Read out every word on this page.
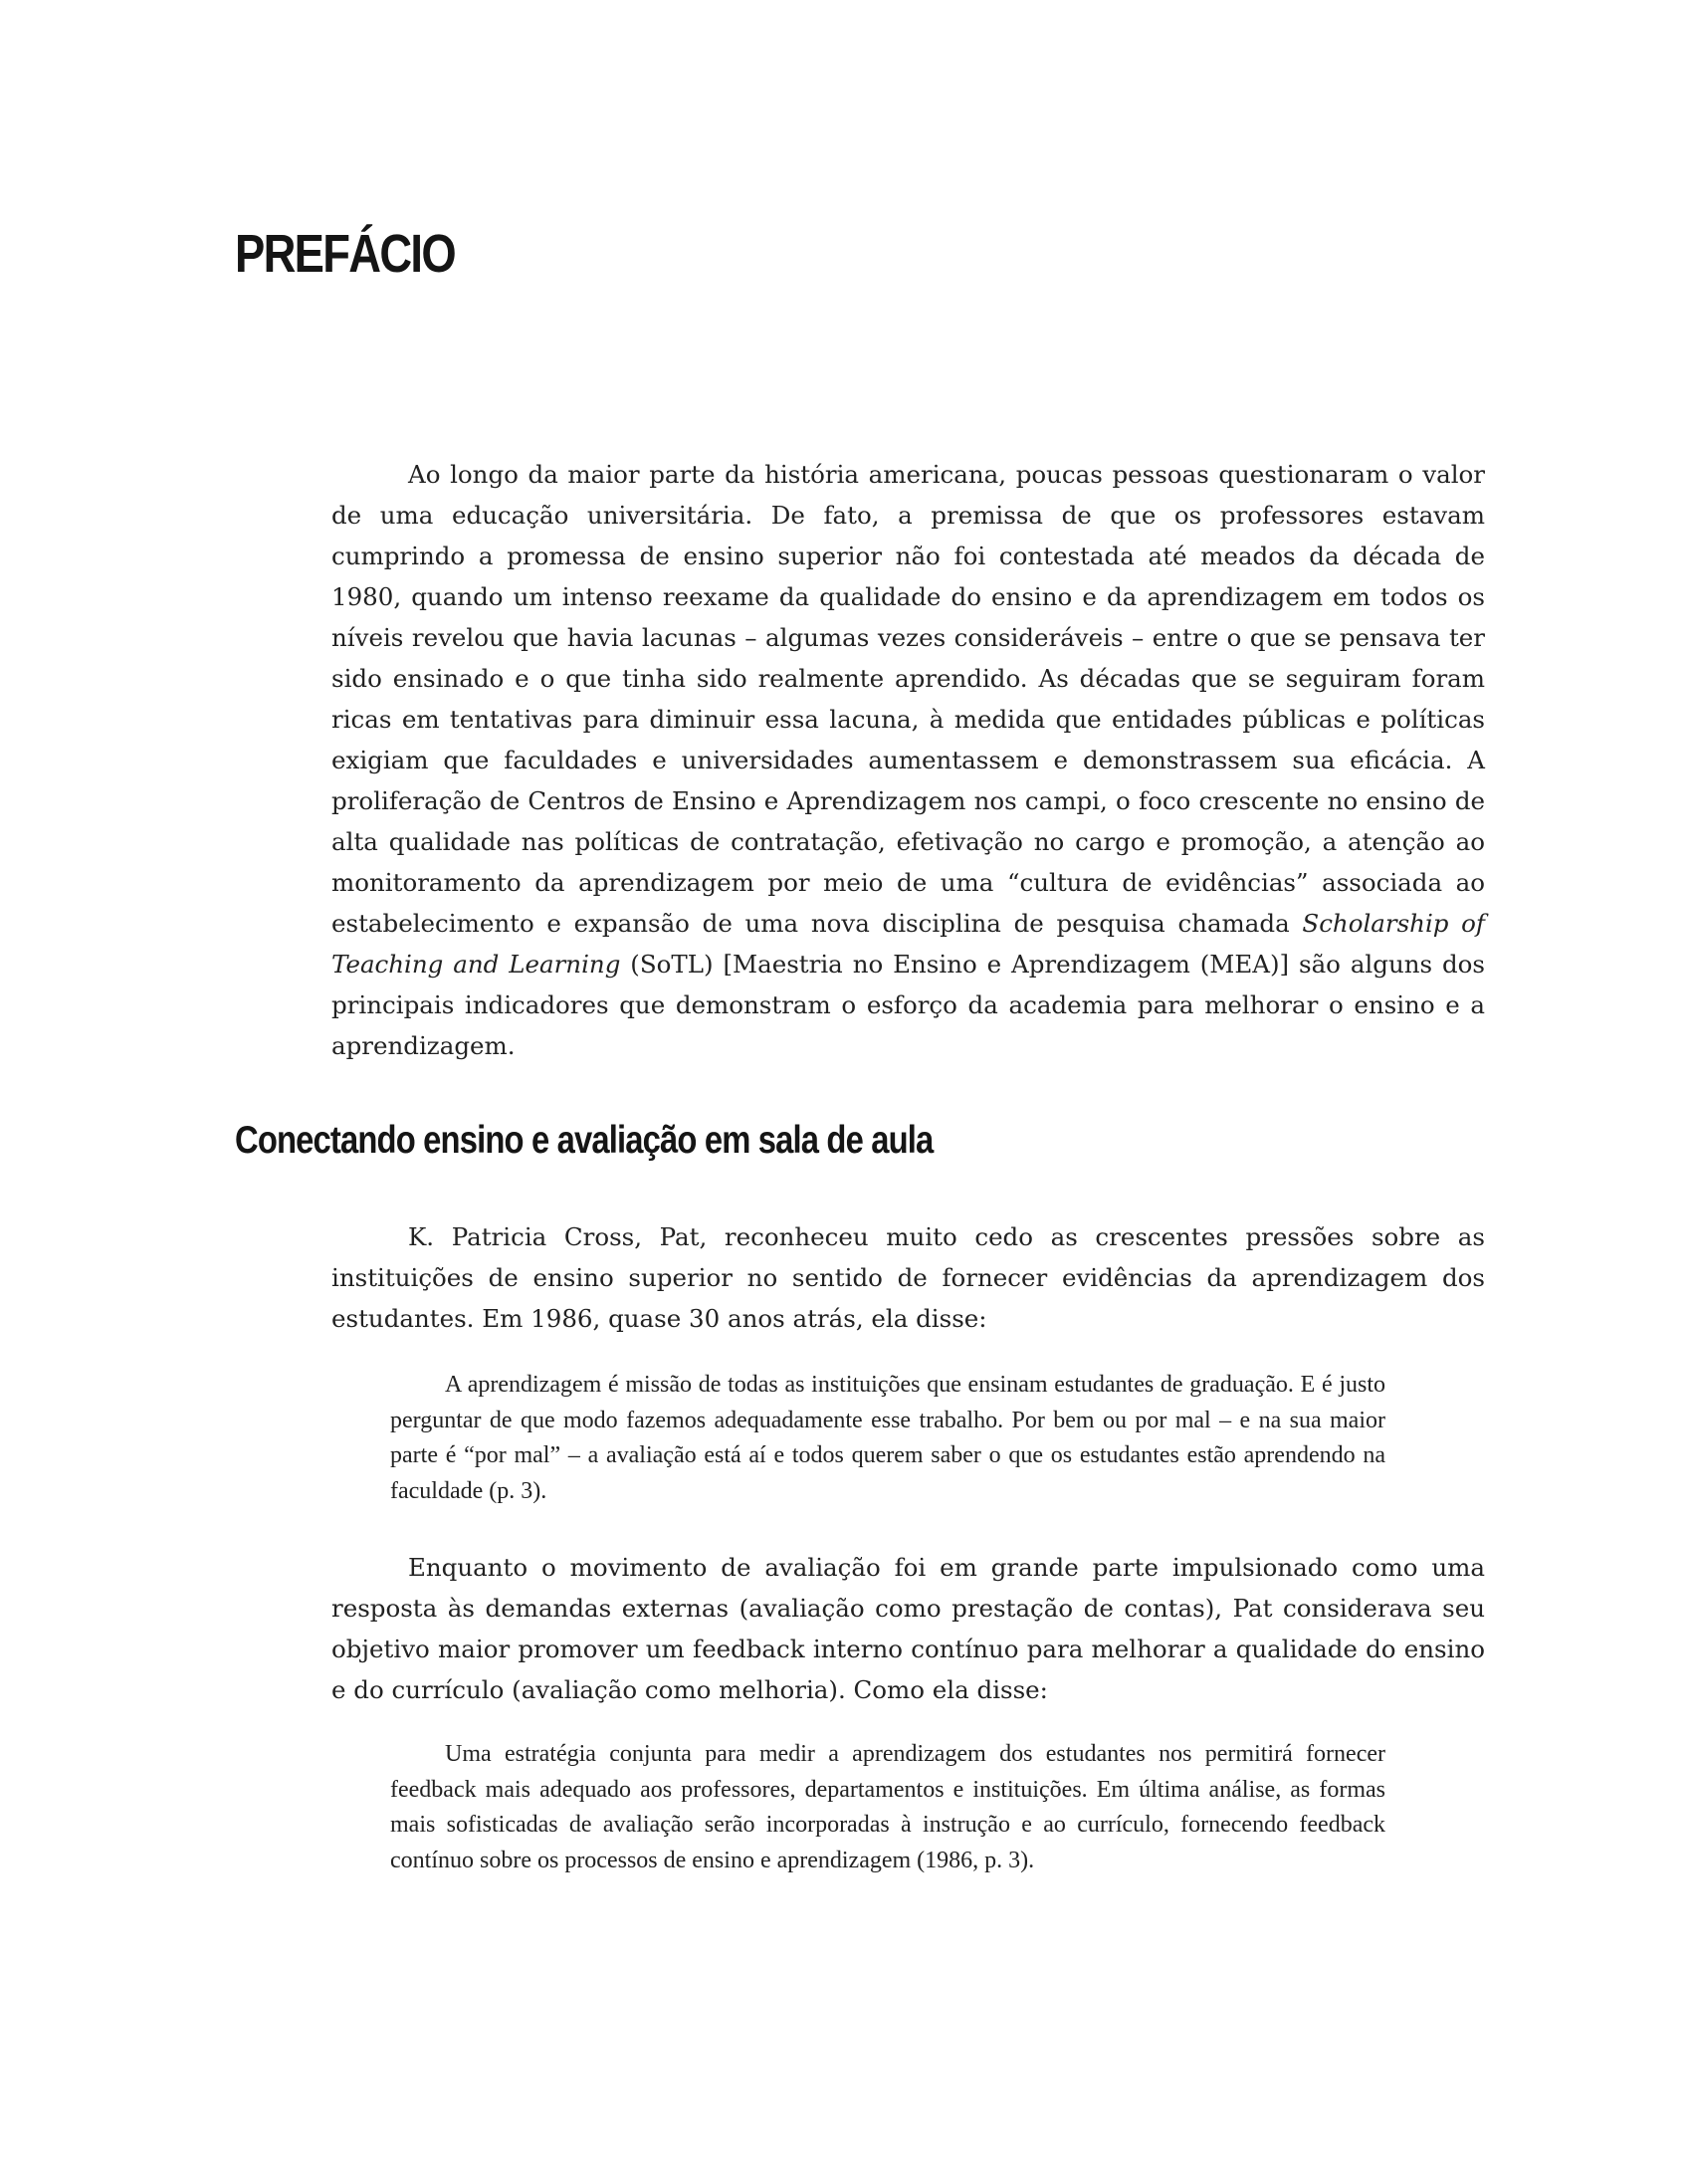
PREFÁCIO

Ao longo da maior parte da história americana, poucas pessoas questionaram o valor de uma educação universitária. De fato, a premissa de que os professores estavam cumprindo a promessa de ensino superior não foi contestada até meados da década de 1980, quando um intenso reexame da qualidade do ensino e da aprendizagem em todos os níveis revelou que havia lacunas – algumas vezes consideráveis – entre o que se pensava ter sido ensinado e o que tinha sido realmente aprendido. As décadas que se seguiram foram ricas em tentativas para diminuir essa lacuna, à medida que entidades públicas e políticas exigiam que faculdades e universidades aumentassem e demonstrassem sua eficácia. A proliferação de Centros de Ensino e Aprendizagem nos campi, o foco crescente no ensino de alta qualidade nas políticas de contratação, efetivação no cargo e promoção, a atenção ao monitoramento da aprendizagem por meio de uma “cultura de evidências” associada ao estabelecimento e expansão de uma nova disciplina de pesquisa chamada Scholarship of Teaching and Learning (SoTL) [Maestria no Ensino e Aprendizagem (MEA)] são alguns dos principais indicadores que demonstram o esforço da academia para melhorar o ensino e a aprendizagem.

Conectando ensino e avaliação em sala de aula

K. Patricia Cross, Pat, reconheceu muito cedo as crescentes pressões sobre as instituições de ensino superior no sentido de fornecer evidências da aprendizagem dos estudantes. Em 1986, quase 30 anos atrás, ela disse:

A aprendizagem é missão de todas as instituições que ensinam estudantes de graduação. E é justo perguntar de que modo fazemos adequadamente esse trabalho. Por bem ou por mal – e na sua maior parte é “por mal” – a avaliação está aí e todos querem saber o que os estudantes estão aprendendo na faculdade (p. 3).

Enquanto o movimento de avaliação foi em grande parte impulsionado como uma resposta às demandas externas (avaliação como prestação de contas), Pat considerava seu objetivo maior promover um feedback interno contínuo para melhorar a qualidade do ensino e do currículo (avaliação como melhoria). Como ela disse:

Uma estratégia conjunta para medir a aprendizagem dos estudantes nos permitirá fornecer feedback mais adequado aos professores, departamentos e instituições. Em última análise, as formas mais sofisticadas de avaliação serão incorporadas à instrução e ao currículo, fornecendo feedback contínuo sobre os processos de ensino e aprendizagem (1986, p. 3).
